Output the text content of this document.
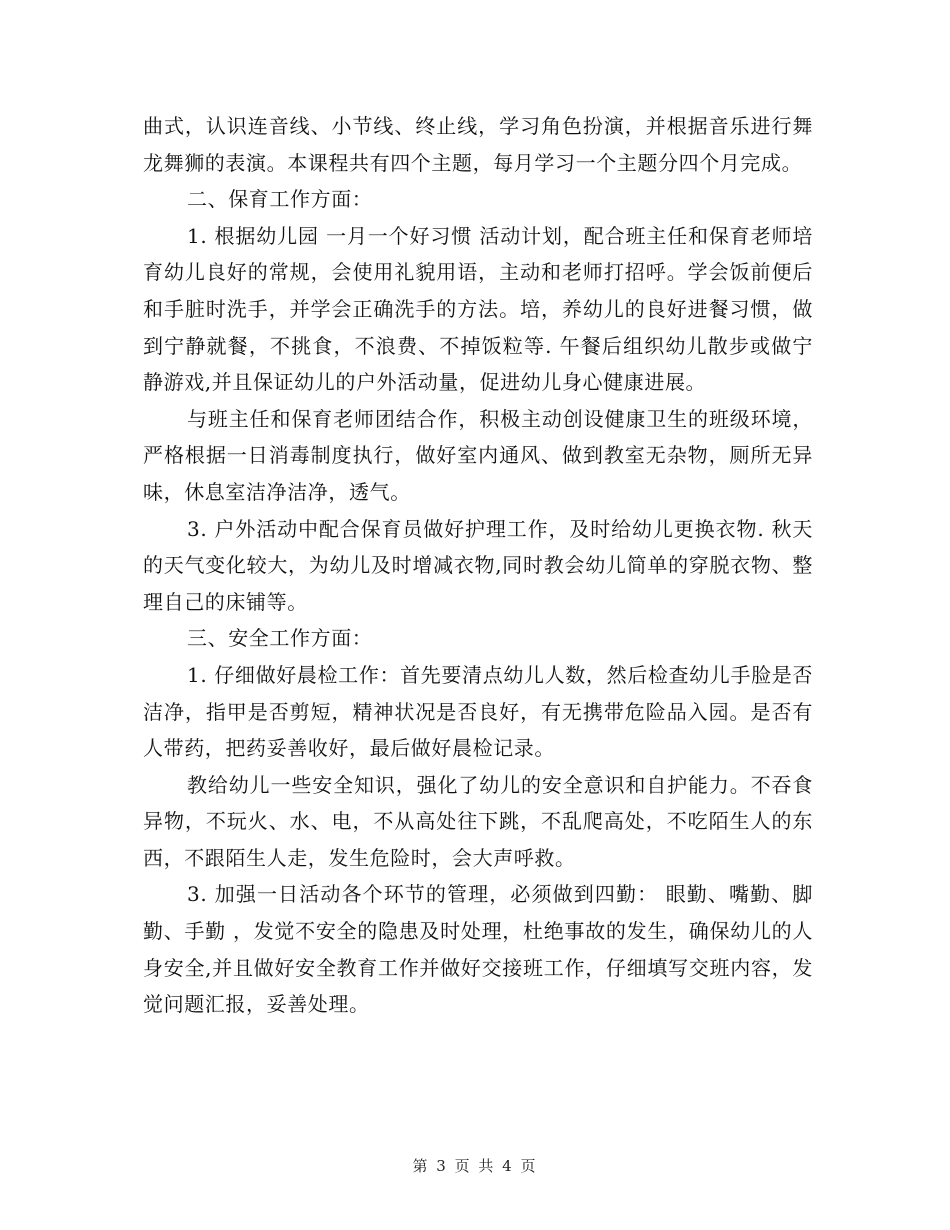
曲式，认识连音线、小节线、终止线，学习角色扮演，并根据音乐进行舞龙舞狮的表演。本课程共有四个主题，每月学习一个主题分四个月完成。

二、保育工作方面：

1. 根据幼儿园 一月一个好习惯 活动计划，配合班主任和保育老师培育幼儿良好的常规，会使用礼貌用语，主动和老师打招呼。学会饭前便后和手脏时洗手，并学会正确洗手的方法。培，养幼儿的良好进餐习惯，做到宁静就餐，不挑食，不浪费、不掉饭粒等. 午餐后组织幼儿散步或做宁静游戏,并且保证幼儿的户外活动量，促进幼儿身心健康进展。

与班主任和保育老师团结合作，积极主动创设健康卫生的班级环境，严格根据一日消毒制度执行，做好室内通风、做到教室无杂物，厕所无异味，休息室洁净洁净，透气。

3. 户外活动中配合保育员做好护理工作，及时给幼儿更换衣物. 秋天的天气变化较大，为幼儿及时增减衣物,同时教会幼儿简单的穿脱衣物、整理自己的床铺等。

三、安全工作方面：

1. 仔细做好晨检工作：首先要清点幼儿人数，然后检查幼儿手脸是否洁净，指甲是否剪短，精神状况是否良好，有无携带危险品入园。是否有人带药，把药妥善收好，最后做好晨检记录。

教给幼儿一些安全知识，强化了幼儿的安全意识和自护能力。不吞食异物，不玩火、水、电，不从高处往下跳，不乱爬高处，不吃陌生人的东西，不跟陌生人走，发生危险时，会大声呼救。

3. 加强一日活动各个环节的管理，必须做到四勤： 眼勤、嘴勤、脚勤、手勤 ，发觉不安全的隐患及时处理，杜绝事故的发生，确保幼儿的人身安全,并且做好安全教育工作并做好交接班工作，仔细填写交班内容，发觉问题汇报，妥善处理。

第 3 页 共 4 页
